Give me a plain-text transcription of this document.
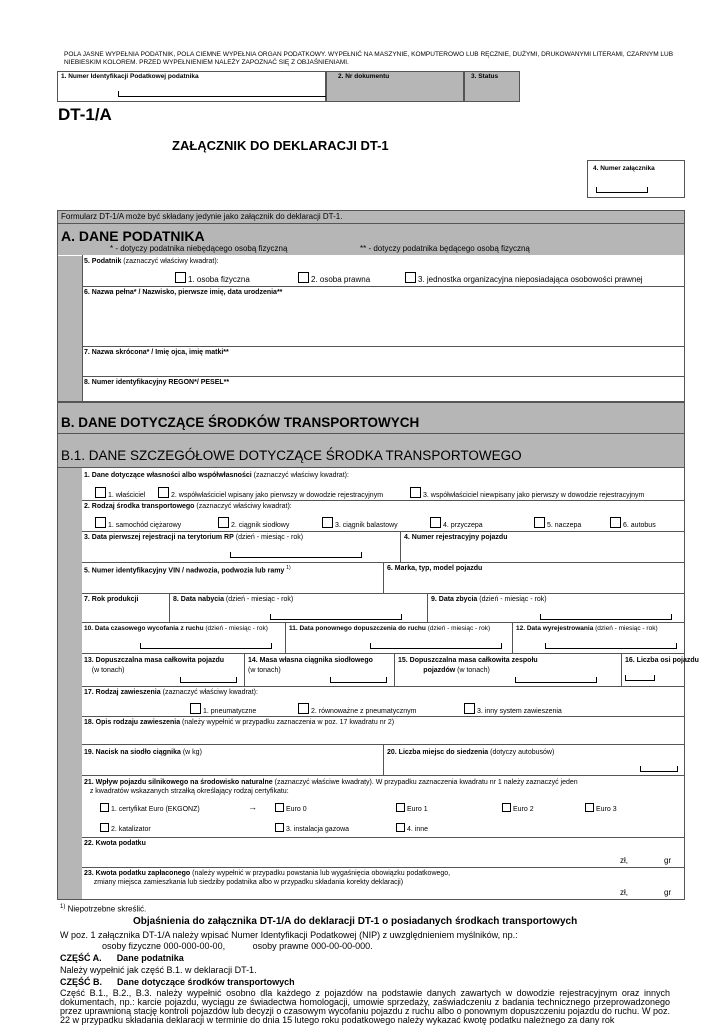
POLA JASNE WYPEŁNIA PODATNIK, POLA CIEMNE WYPEŁNIA ORGAN PODATKOWY. WYPEŁNIĆ NA MASZYNIE, KOMPUTEROWO LUB RĘCZNIE, DUŻYMI, DRUKOWANYMI LITERAMI, CZARNYM LUB NIEBIESKIM KOLOREM. PRZED WYPEŁNIENIEM NALEŻY ZAPOZNAĆ SIĘ Z OBJAŚNIENIAMI.
1. Numer Identyfikacji Podatkowej podatnika	2. Nr dokumentu	3. Status
DT-1/A
ZAŁĄCZNIK DO DEKLARACJI DT-1
4. Numer załącznika
Formularz DT-1/A może być składany jedynie jako załącznik do deklaracji DT-1.
A. DANE PODATNIKA
* - dotyczy podatnika niebędącego osobą fizyczną	** - dotyczy podatnika będącego osobą fizyczną
5. Podatnik (zaznaczyć właściwy kwadrat):
1. osoba fizyczna	2. osoba prawna	3. jednostka organizacyjna nieposiadająca osobowości prawnej
6. Nazwa pełna* / Nazwisko, pierwsze imię, data urodzenia**
7. Nazwa skrócona* / Imię ojca, imię matki**
8. Numer identyfikacyjny REGON*/ PESEL**
B. DANE DOTYCZĄCE ŚRODKÓW TRANSPORTOWYCH
B.1. DANE SZCZEGÓŁOWE DOTYCZĄCE ŚRODKA TRANSPORTOWEGO
1. Dane dotyczące własności albo współwłasności (zaznaczyć właściwy kwadrat):
1. właściciel	2. współwłaściciel wpisany jako pierwszy w dowodzie rejestracyjnym	3. współwłaściciel niewpisany jako pierwszy w dowodzie rejestracyjnym
2. Rodzaj środka transportowego (zaznaczyć właściwy kwadrat):
1. samochód ciężarowy	2. ciągnik siodłowy	3. ciągnik balastowy	4. przyczepa	5. naczepa	6. autobus
3. Data pierwszej rejestracji na terytorium RP (dzień - miesiąc - rok)	4. Numer rejestracyjny pojazdu
5. Numer identyfikacyjny VIN / nadwozia, podwozia lub ramy $^{1)}$	6. Marka, typ, model pojazdu
7. Rok produkcji	8. Data nabycia (dzień - miesiąc - rok)	9. Data zbycia (dzień - miesiąc - rok)
10. Data czasowego wycofania z ruchu (dzień - miesiąc - rok)	11. Data ponownego dopuszczenia do ruchu (dzień - miesiąc - rok)	12. Data wyrejestrowania (dzień - miesiąc - rok)
13. Dopuszczalna masa całkowita pojazdu
(w tonach)
14. Masa własna ciągnika siodłowego
(w tonach)
15. Dopuszczalna masa całkowita zespołu
pojazdów (w tonach)
16. Liczba osi pojazdu
17. Rodzaj zawieszenia (zaznaczyć właściwy kwadrat):
1. pneumatyczne	2. równoważne z pneumatycznym	3. inny system zawieszenia
18. Opis rodzaju zawieszenia (należy wypełnić w przypadku zaznaczenia w poz. 17 kwadratu nr 2)
19. Nacisk na siodło ciągnika (w kg)	20. Liczba miejsc do siedzenia (dotyczy autobusów)
21. Wpływ pojazdu silnikowego na środowisko naturalne (zaznaczyć właściwe kwadraty). W przypadku zaznaczenia kwadratu nr 1 należy zaznaczyć jeden
z kwadratów wskazanych strzałką określający rodzaj certyfikatu:
1. certyfikat Euro (EKGONZ)	→	Euro 0	Euro 1	Euro 2	Euro 3
2. katalizator	3. instalacja gazowa	4. inne
22. Kwota podatku
zł,	gr
23. Kwota podatku zapłaconego (należy wypełnić w przypadku powstania lub wygaśnięcia obowiązku podatkowego,
zmiany miejsca zamieszkania lub siedziby podatnika albo w przypadku składania korekty deklaracji)
zł,	gr
$^{1)}$ Niepotrzebne skreślić.
Objaśnienia do załącznika DT-1/A do deklaracji DT-1 o posiadanych środkach transportowych
W poz. 1 załącznika DT-1/A należy wpisać Numer Identyfikacji Podatkowej (NIP) z uwzględnieniem myślników, np.:
osoby fizyczne 000-000-00-00,           osoby prawne 000-00-00-000.
CZĘŚĆ A. Dane podatnika
Należy wypełnić jak część B.1. w deklaracji DT-1.
CZĘŚĆ B. Dane dotyczące środków transportowych
Część B.1., B.2., B.3. należy wypełnić osobno dla każdego z pojazdów na podstawie danych zawartych w dowodzie rejestracyjnym oraz innych dokumentach, np.: karcie pojazdu, wyciągu ze świadectwa homologacji, umowie sprzedaży, zaświadczeniu z badania technicznego przeprowadzonego przez uprawnioną stację kontroli pojazdów lub decyzji o czasowym wycofaniu pojazdu z ruchu albo o ponownym dopuszczeniu pojazdu do ruchu. W poz. 22 w przypadku składania deklaracji w terminie do dnia 15 lutego roku podatkowego należy wykazać kwotę podatku należnego za dany rok
